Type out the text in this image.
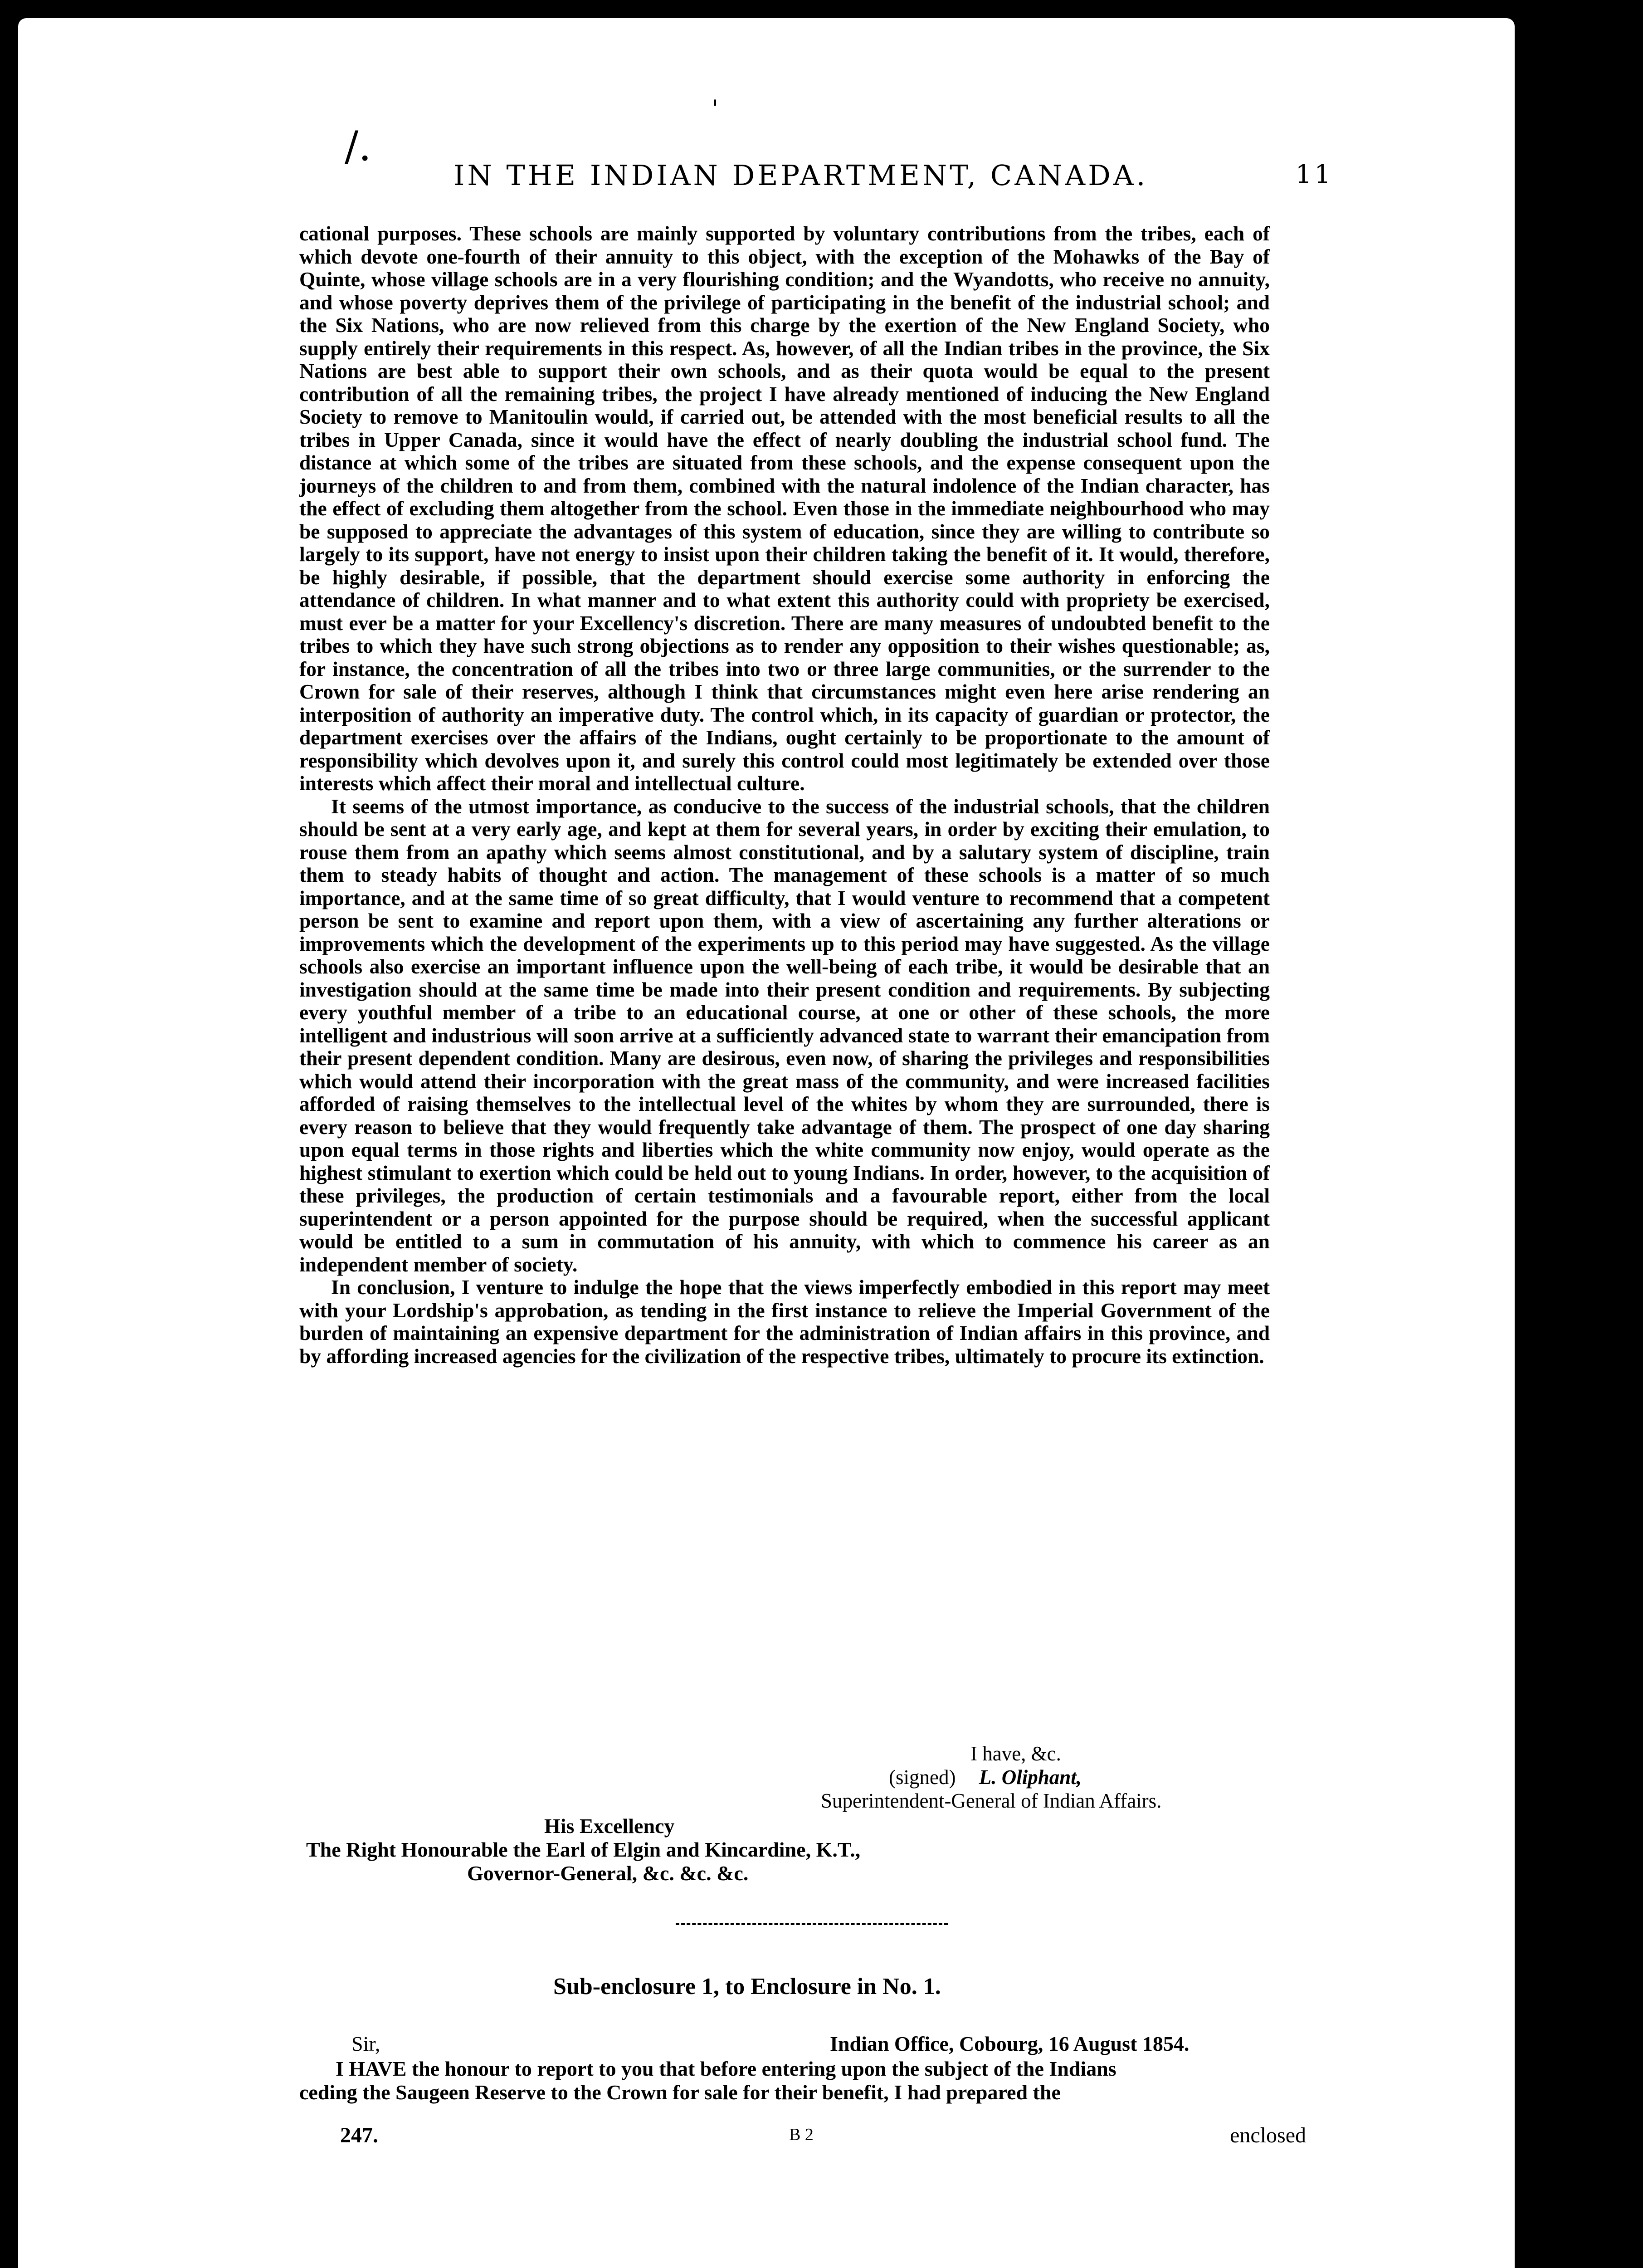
/.
'
IN THE INDIAN DEPARTMENT, CANADA.	11

cational purposes. These schools are mainly supported by voluntary contributions from the tribes, each of which devote one-fourth of their annuity to this object, with the exception of the Mohawks of the Bay of Quinte, whose village schools are in a very flourishing condition; and the Wyandotts, who receive no annuity, and whose poverty deprives them of the privilege of participating in the benefit of the industrial school; and the Six Nations, who are now relieved from this charge by the exertion of the New England Society, who supply entirely their requirements in this respect. As, however, of all the Indian tribes in the province, the Six Nations are best able to support their own schools, and as their quota would be equal to the present contribution of all the remaining tribes, the project I have already mentioned of inducing the New England Society to remove to Manitoulin would, if carried out, be attended with the most beneficial results to all the tribes in Upper Canada, since it would have the effect of nearly doubling the industrial school fund. The distance at which some of the tribes are situated from these schools, and the expense consequent upon the journeys of the children to and from them, combined with the natural indolence of the Indian character, has the effect of excluding them altogether from the school. Even those in the immediate neighbourhood who may be supposed to appreciate the advantages of this system of education, since they are willing to contribute so largely to its support, have not energy to insist upon their children taking the benefit of it. It would, therefore, be highly desirable, if possible, that the department should exercise some authority in enforcing the attendance of children. In what manner and to what extent this authority could with propriety be exercised, must ever be a matter for your Excellency's discretion. There are many measures of undoubted benefit to the tribes to which they have such strong objections as to render any opposition to their wishes questionable; as, for instance, the concentration of all the tribes into two or three large communities, or the surrender to the Crown for sale of their reserves, although I think that circumstances might even here arise rendering an interposition of authority an imperative duty. The control which, in its capacity of guardian or protector, the department exercises over the affairs of the Indians, ought certainly to be proportionate to the amount of responsibility which devolves upon it, and surely this control could most legitimately be extended over those interests which affect their moral and intellectual culture.

It seems of the utmost importance, as conducive to the success of the industrial schools, that the children should be sent at a very early age, and kept at them for several years, in order by exciting their emulation, to rouse them from an apathy which seems almost constitutional, and by a salutary system of discipline, train them to steady habits of thought and action. The management of these schools is a matter of so much importance, and at the same time of so great difficulty, that I would venture to recommend that a competent person be sent to examine and report upon them, with a view of ascertaining any further alterations or improvements which the development of the experiments up to this period may have suggested. As the village schools also exercise an important influence upon the well-being of each tribe, it would be desirable that an investigation should at the same time be made into their present condition and requirements. By subjecting every youthful member of a tribe to an educational course, at one or other of these schools, the more intelligent and industrious will soon arrive at a sufficiently advanced state to warrant their emancipation from their present dependent condition. Many are desirous, even now, of sharing the privileges and responsibilities which would attend their incorporation with the great mass of the community, and were increased facilities afforded of raising themselves to the intellectual level of the whites by whom they are surrounded, there is every reason to believe that they would frequently take advantage of them. The prospect of one day sharing upon equal terms in those rights and liberties which the white community now enjoy, would operate as the highest stimulant to exertion which could be held out to young Indians. In order, however, to the acquisition of these privileges, the production of certain testimonials and a favourable report, either from the local superintendent or a person appointed for the purpose should be required, when the successful applicant would be entitled to a sum in commutation of his annuity, with which to commence his career as an independent member of society.

In conclusion, I venture to indulge the hope that the views imperfectly embodied in this report may meet with your Lordship's approbation, as tending in the first instance to relieve the Imperial Government of the burden of maintaining an expensive department for the administration of Indian affairs in this province, and by affording increased agencies for the civilization of the respective tribes, ultimately to procure its extinction.

I have, &c.
(signed) L. Oliphant,
Superintendent-General of Indian Affairs.
His Excellency
The Right Honourable the Earl of Elgin and Kincardine, K.T.,
Governor-General, &c. &c. &c.
Sub-enclosure 1, to Enclosure in No. 1.
Sir,	Indian Office, Cobourg, 16 August 1854.
I HAVE the honour to report to you that before entering upon the subject of the Indians
ceding the Saugeen Reserve to the Crown for sale for their benefit, I had prepared the
247.	B 2	enclosed
